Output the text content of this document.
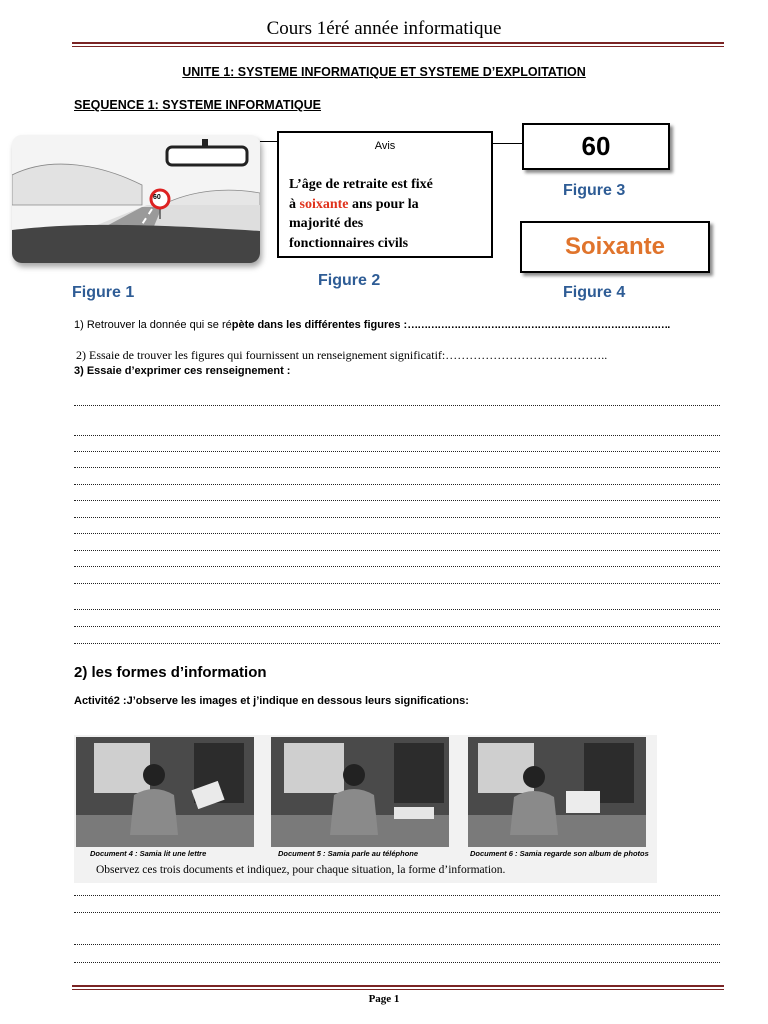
Cours 1éré année informatique
UNITE 1: SYSTEME INFORMATIQUE ET SYSTEME D’EXPLOITATION
SEQUENCE 1: SYSTEME INFORMATIQUE
60
Avis
L’âge de retraite est fixé
à soixante ans pour la
majorité des
fonctionnaires civils
60
Soixante
Figure 1
Figure 2
Figure 3
Figure 4
1) Retrouver la donnée qui se répète dans les différentes figures :…………………………………………………………………….
2) Essaie de trouver les figures qui fournissent un renseignement significatif:…………………………………..
3) Essaie d’exprimer ces renseignement :
2) les formes d’information
Activité2 :J’observe les images et j’indique en dessous leurs significations:
Document 4 : Samia lit une lettre	Document 5 : Samia parle au téléphone	Document 6 : Samia regarde son album de photos
Observez ces trois documents et indiquez, pour chaque situation, la forme d’information.
Page 1
